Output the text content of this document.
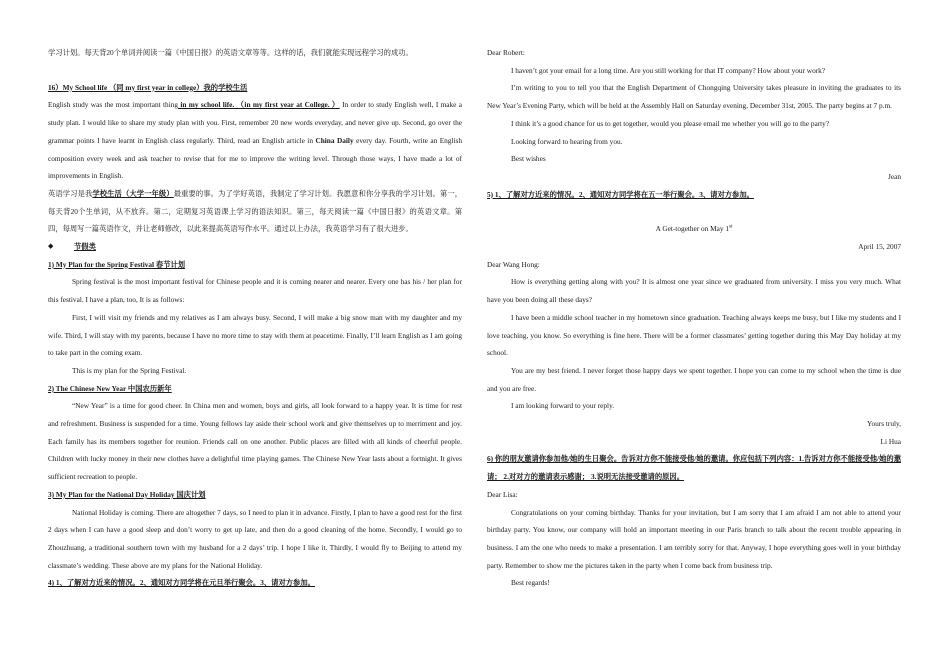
学习计划。每天背20个单词并阅读一篇《中国日报》的英语文章等等。这样的话，我们就能实现远程学习的成功。

16）My School life （同 my first year in college）我的学校生活

English study was the most important thing in my school life. （in my first year at College. ） In order to study English well, I make a study plan. I would like to share my study plan with you. First, remember 20 new words everyday, and never give up. Second, go over the grammar points I have learnt in English class regularly. Third, read an English article in China Daily every day. Fourth, write an English composition every week and ask teacher to revise that for me to improve the writing level. Through those ways, I have made a lot of improvements in English.

英语学习是我学校生活（大学一年级）最重要的事。为了学好英语，我制定了学习计划。我愿意和你分享我的学习计划。第一，每天背20个生单词，从不放弃。第二，定期复习英语课上学习的语法知识。第三，每天阅读一篇《中国日报》的英语文章。第四，每周写一篇英语作文，并让老师修改，以此来提高英语写作水平。通过以上办法，我英语学习有了很大进步。

◆	节假类

1) My Plan for the Spring Festival 春节计划

Spring festival is the most important festival for Chinese people and it is coming nearer and nearer. Every one has his / her plan for this festival. I have a plan, too, It is as follows:

First, I will visit my friends and my relatives as I am always busy. Second, I will make a big snow man with my daughter and my wife. Third, I will stay with my parents, because I have no more time to stay with them at peacetime. Finally, I’ll learn English as I am going to take part in the coming exam.

This is my plan for the Spring Festival.

2) The Chinese New Year 中国农历新年

“New Year” is a time for good cheer. In China men and women, boys and girls, all look forward to a happy year. It is time for rest and refreshment. Business is suspended for a time. Young fellows lay aside their school work and give themselves up to merriment and joy. Each family has its members together for reunion. Friends call on one another. Public places are filled with all kinds of cheerful people. Children with lucky money in their new clothes have a delightful time playing games. The Chinese New Year lasts about a fortnight. It gives sufficient recreation to people.

3) My Plan for the National Day Holiday 国庆计划

National Holiday is coming. There are altogether 7 days, so I need to plan it in advance. Firstly, I plan to have a good rest for the first 2 days when I can have a good sleep and don’t worry to get up late, and then do a good cleaning of the home. Secondly, I would go to Zhouzhuang, a traditional southern town with my husband for a 2 days’ trip. I hope I like it. Thirdly, I would fly to Beijing to attend my classmate’s wedding. These above are my plans for the National Holiday.

4) 1、了解对方近来的情况。2、通知对方同学将在元旦举行聚会。3、请对方参加。

Dear Robert:

I haven’t got your email for a long time. Are you still working for that IT company? How about your work?

I’m writing to you to tell you that the English Department of Chongqing University takes pleasure in inviting the graduates to its New Year’s Evening Party, which will be held at the Assembly Hall on Saturday evening, December 31st, 2005. The party begins at 7 p.m.

I think it’s a good chance for us to get together, would you please email me whether you will go to the party?

Looking forward to hearing from you.

Best wishes

Jean

5) 1、了解对方近来的情况。2、通知对方同学将在五一举行聚会。3、请对方参加。

A Get-together on May 1st

April 15, 2007

Dear Wang Hong:

How is everything getting along with you? It is almost one year since we graduated from university. I miss you very much. What have you been doing all these days?

I have been a middle school teacher in my hometown since graduation. Teaching always keeps me busy, but I like my students and I love teaching, you know. So everything is fine here. There will be a former classmates’ getting together during this May Day holiday at my school.

You are my best friend. I never forget those happy days we spent together. I hope you can come to my school when the time is due and you are free.

I am looking forward to your reply.

Yours truly,

Li Hua

6) 你的朋友邀请你参加他/她的生日聚会。告诉对方你不能接受他/她的邀请。你应包括下列内容：1.告诉对方你不能接受他/她的邀请； 2.对对方的邀请表示感谢； 3.说明无法接受邀请的原因。

Dear Lisa:

Congratulations on your coming birthday. Thanks for your invitation, but I am sorry that I am afraid I am not able to attend your birthday party. You know, our company will hold an important meeting in our Paris branch to talk about the recent trouble appearing in business. I am the one who needs to make a presentation. I am terribly sorry for that. Anyway, I hope everything goes well in your birthday party. Remember to show me the pictures taken in the party when I come back from business trip.

Best regards!
